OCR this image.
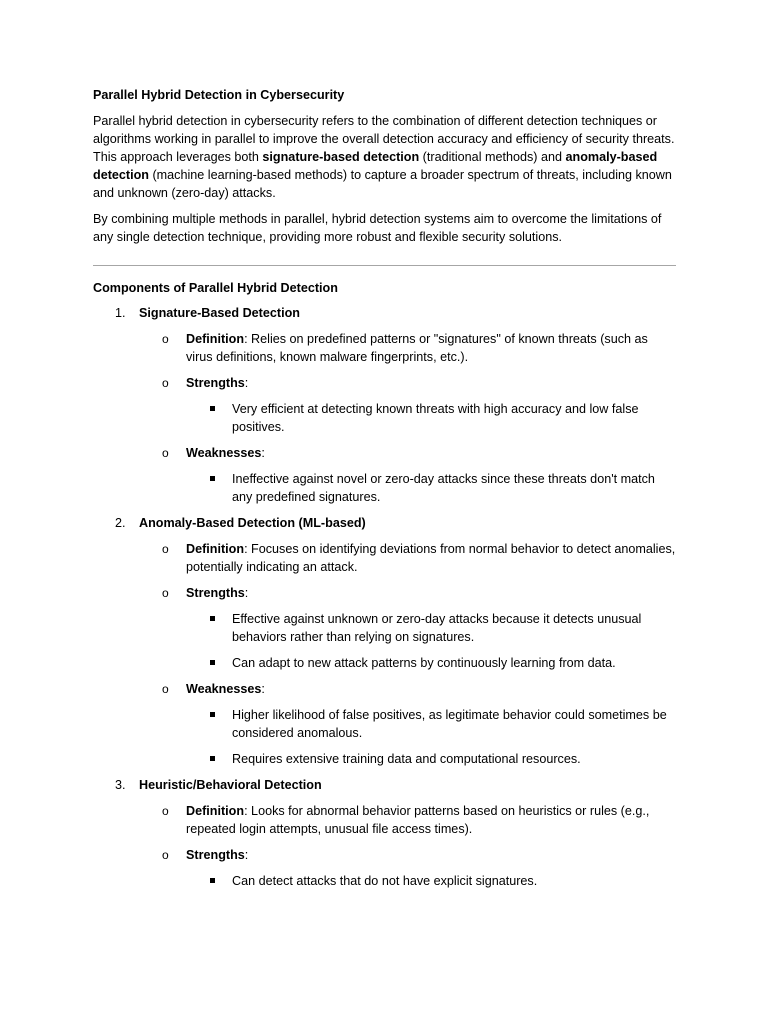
Parallel Hybrid Detection in Cybersecurity
Parallel hybrid detection in cybersecurity refers to the combination of different detection techniques or algorithms working in parallel to improve the overall detection accuracy and efficiency of security threats. This approach leverages both signature-based detection (traditional methods) and anomaly-based detection (machine learning-based methods) to capture a broader spectrum of threats, including known and unknown (zero-day) attacks.
By combining multiple methods in parallel, hybrid detection systems aim to overcome the limitations of any single detection technique, providing more robust and flexible security solutions.
Components of Parallel Hybrid Detection
1. Signature-Based Detection
o Definition: Relies on predefined patterns or "signatures" of known threats (such as virus definitions, known malware fingerprints, etc.).
o Strengths:
Very efficient at detecting known threats with high accuracy and low false positives.
o Weaknesses:
Ineffective against novel or zero-day attacks since these threats don't match any predefined signatures.
2. Anomaly-Based Detection (ML-based)
o Definition: Focuses on identifying deviations from normal behavior to detect anomalies, potentially indicating an attack.
o Strengths:
Effective against unknown or zero-day attacks because it detects unusual behaviors rather than relying on signatures.
Can adapt to new attack patterns by continuously learning from data.
o Weaknesses:
Higher likelihood of false positives, as legitimate behavior could sometimes be considered anomalous.
Requires extensive training data and computational resources.
3. Heuristic/Behavioral Detection
o Definition: Looks for abnormal behavior patterns based on heuristics or rules (e.g., repeated login attempts, unusual file access times).
o Strengths:
Can detect attacks that do not have explicit signatures.
